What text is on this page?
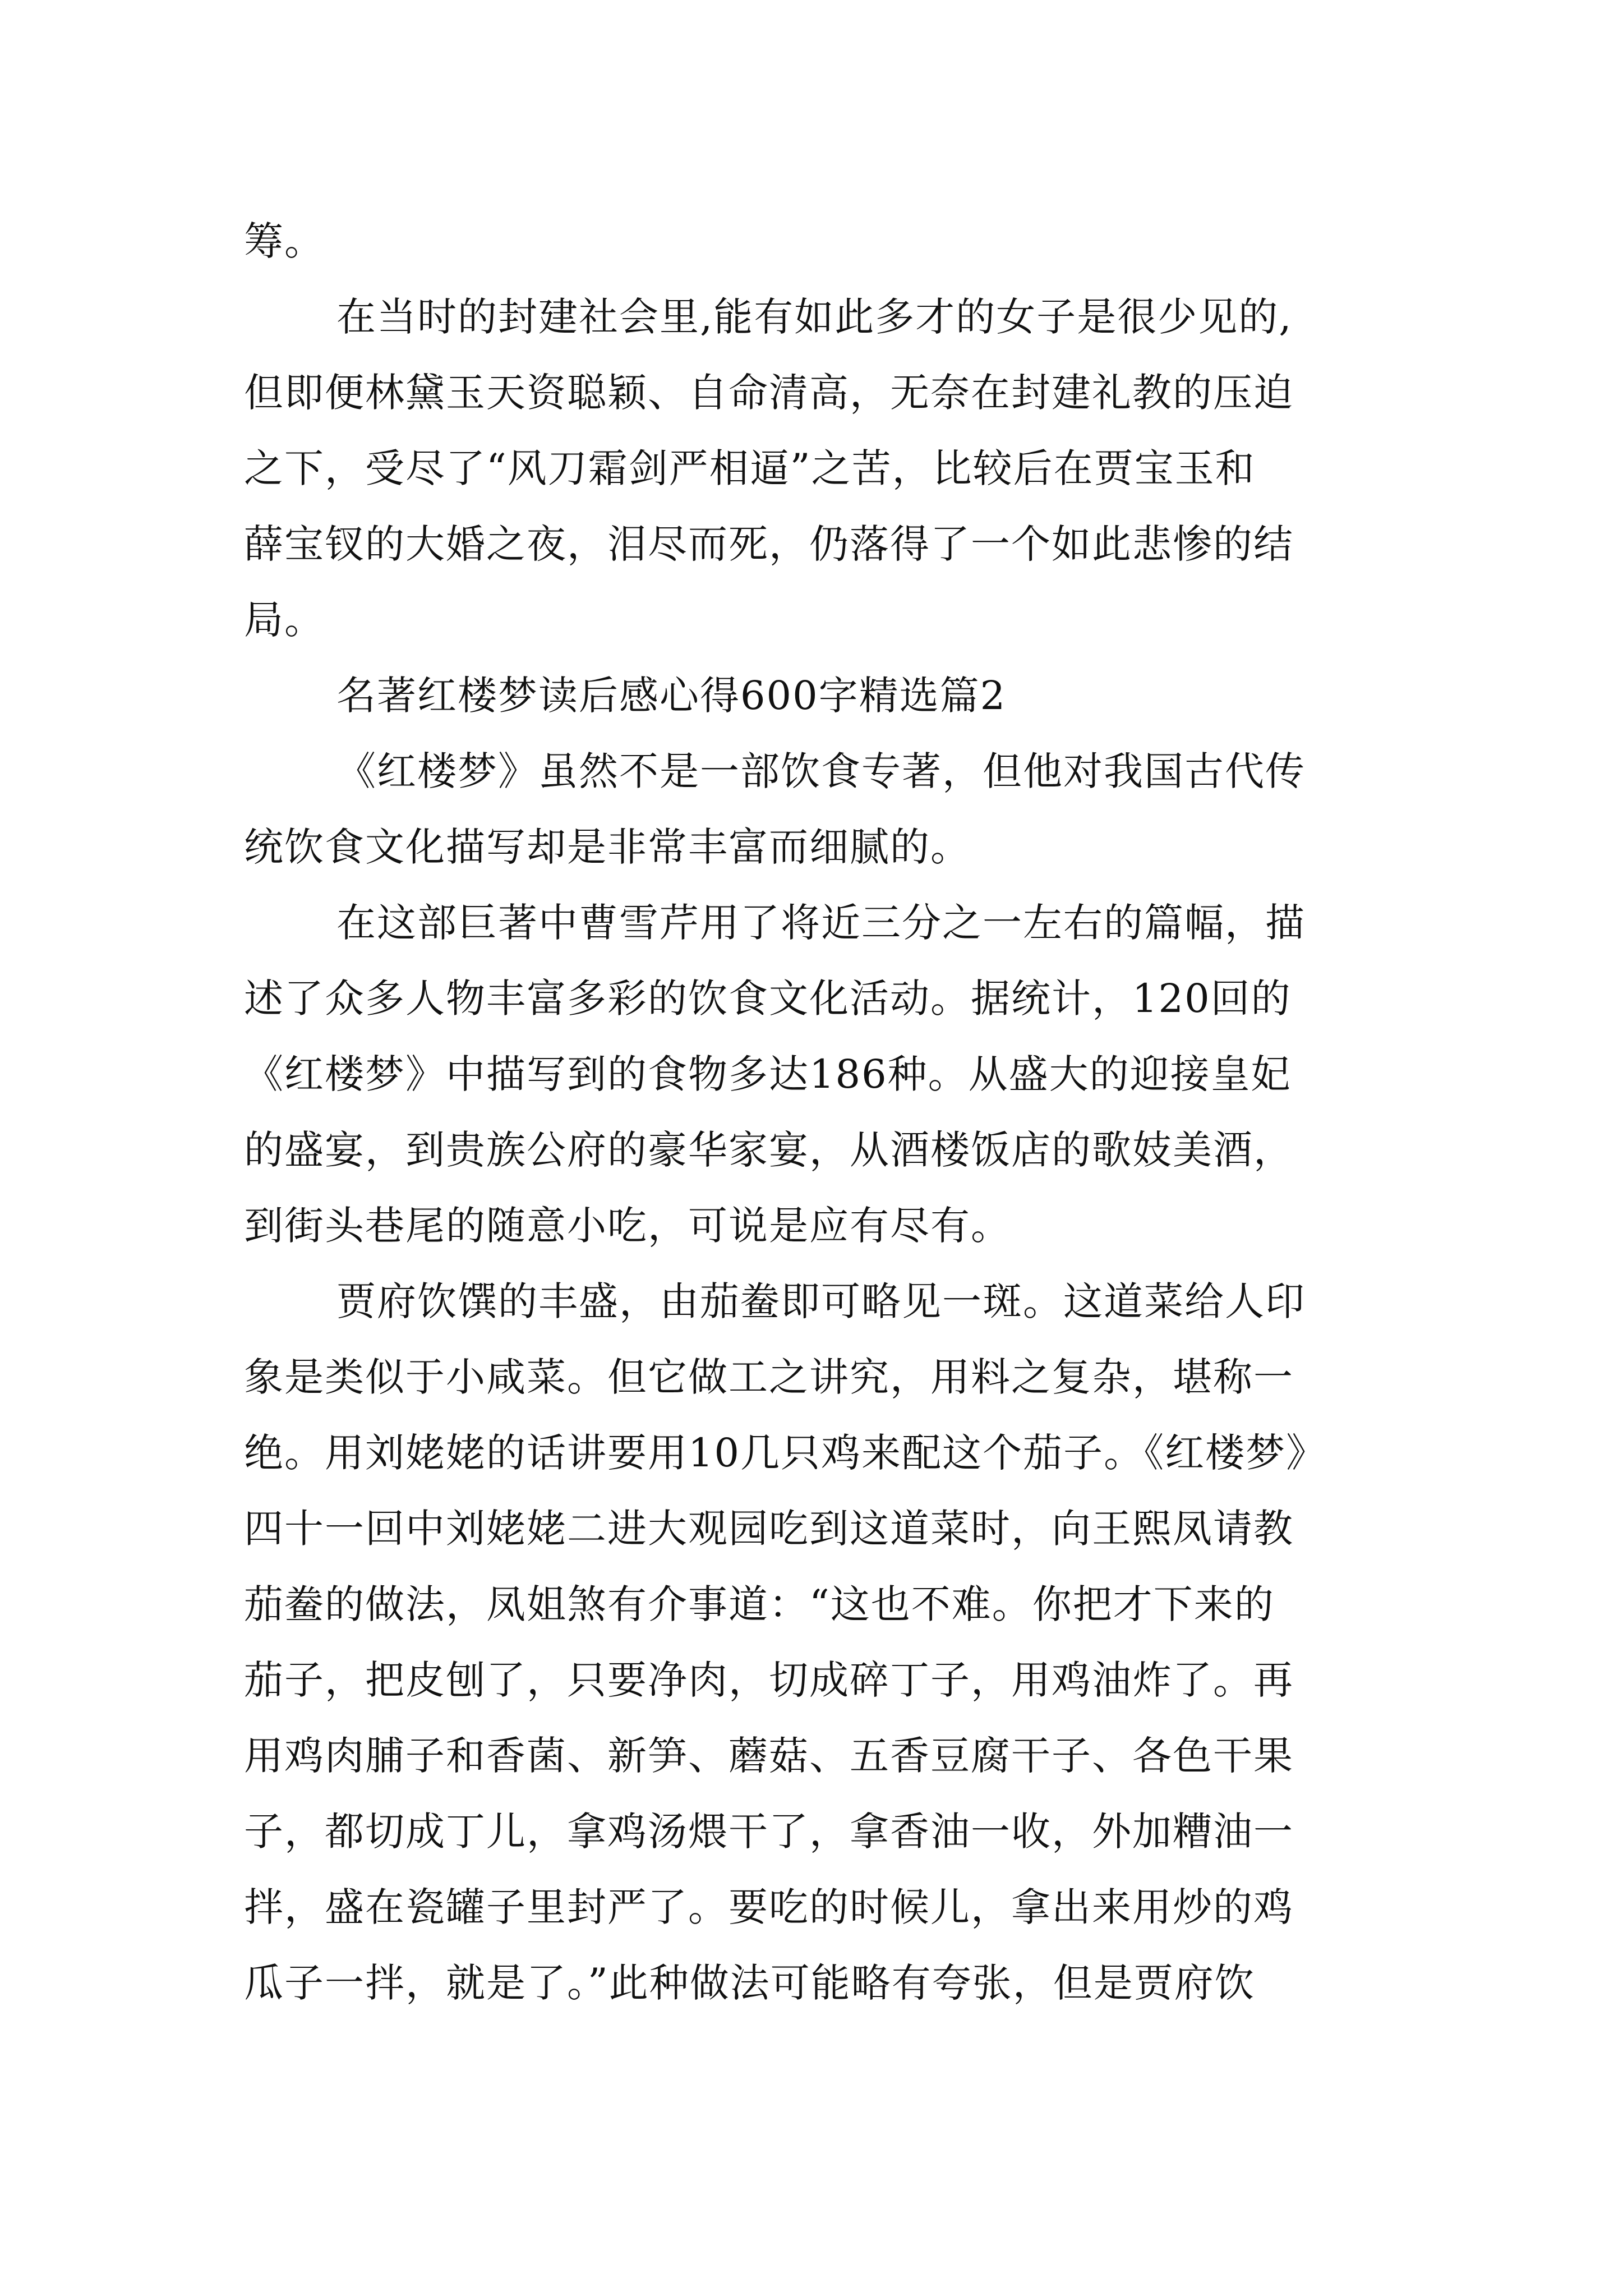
筹。
在当时的封建社会里,能有如此多才的女子是很少见的,
但即便林黛玉天资聪颖、自命清高，无奈在封建礼教的压迫
之下，受尽了“风刀霜剑严相逼”之苦，比较后在贾宝玉和
薛宝钗的大婚之夜，泪尽而死，仍落得了一个如此悲惨的结
局。
名著红楼梦读后感心得600字精选篇2
《红楼梦》虽然不是一部饮食专著，但他对我国古代传
统饮食文化描写却是非常丰富而细腻的。
在这部巨著中曹雪芹用了将近三分之一左右的篇幅，描
述了众多人物丰富多彩的饮食文化活动。据统计，120回的
《红楼梦》中描写到的食物多达186种。从盛大的迎接皇妃
的盛宴，到贵族公府的豪华家宴，从酒楼饭店的歌妓美酒，
到街头巷尾的随意小吃，可说是应有尽有。
贾府饮馔的丰盛，由茄鲞即可略见一斑。这道菜给人印
象是类似于小咸菜。但它做工之讲究，用料之复杂，堪称一
绝。用刘姥姥的话讲要用10几只鸡来配这个茄子。《红楼梦》
四十一回中刘姥姥二进大观园吃到这道菜时，向王熙凤请教
茄鲞的做法，凤姐煞有介事道：“这也不难。你把才下来的
茄子，把皮刨了，只要净肉，切成碎丁子，用鸡油炸了。再
用鸡肉脯子和香菌、新笋、蘑菇、五香豆腐干子、各色干果
子，都切成丁儿，拿鸡汤煨干了，拿香油一收，外加糟油一
拌，盛在瓷罐子里封严了。要吃的时候儿，拿出来用炒的鸡
瓜子一拌，就是了。”此种做法可能略有夸张，但是贾府饮
